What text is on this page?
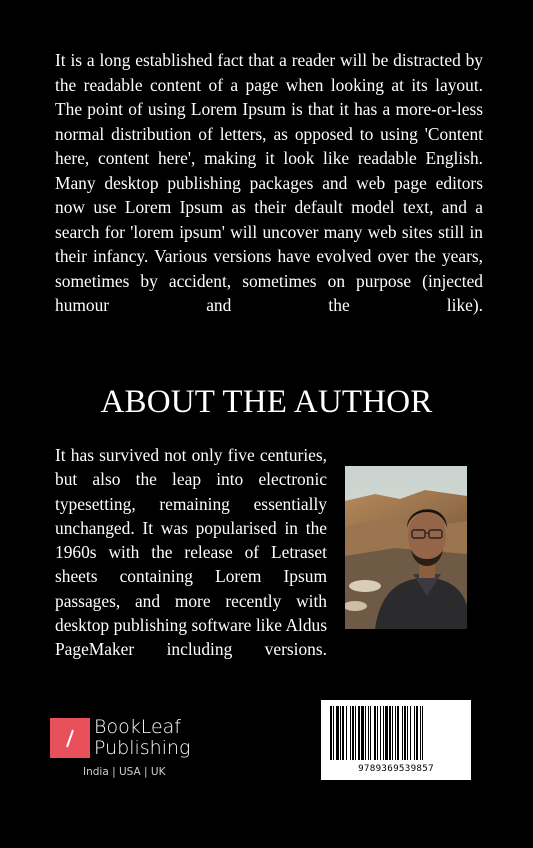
It is a long established fact that a reader will be distracted by the readable content of a page when looking at its layout. The point of using Lorem Ipsum is that it has a more-or-less normal distribution of letters, as opposed to using 'Content here, content here', making it look like readable English. Many desktop publishing packages and web page editors now use Lorem Ipsum as their default model text, and a search for 'lorem ipsum' will uncover many web sites still in their infancy. Various versions have evolved over the years, sometimes by accident, sometimes on purpose (injected humour and the like).

ABOUT THE AUTHOR

It has survived not only five centuries, but also the leap into electronic typesetting, remaining essentially unchanged. It was popularised in the 1960s with the release of Letraset sheets containing Lorem Ipsum passages, and more recently with desktop publishing software like Aldus PageMaker including versions.

BookLeaf
Publishing
India | USA | UK	9789369539857
